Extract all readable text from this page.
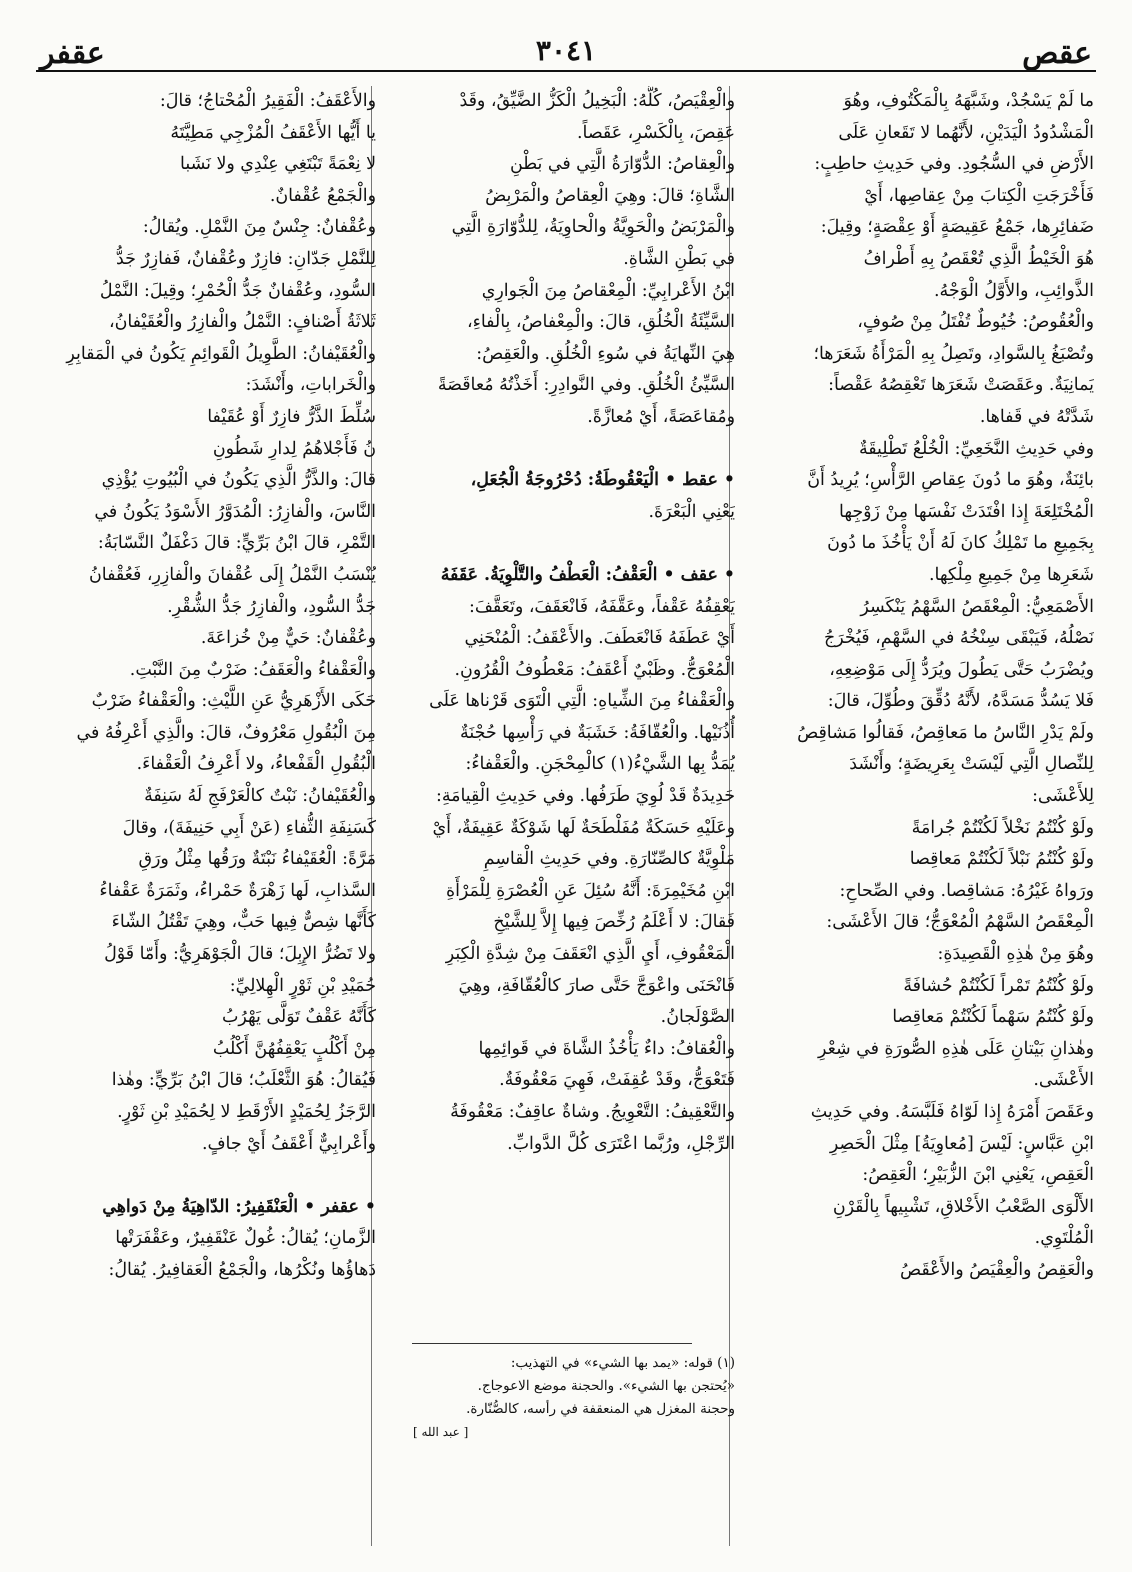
عقص
٣٠٤١
عقفر

ما لَمْ يَسْجُدْ، وشَبَّهَهُ بِالْمَكْتُوفِ، وهُوَ

الْمَشْدُودُ الْيَدَيْنِ، لأَنَّهُما لا تَقَعانِ عَلَى

الأَرْضِ في السُّجُودِ. وفي حَدِيثِ حاطِبٍ:

فَأَخْرَجَتِ الْكِتابَ مِنْ عِقاصِها، أَيْ

ضَفائِرِها، جَمْعُ عَقِيصَةٍ أَوْ عِقْصَةٍ؛ وقِيلَ:

هُوَ الْخَيْطُ الَّذِي تُعْقَصُ بِهِ أَطْرافُ

الذَّوائِبِ، والأَوَّلُ الْوَجْهُ.

والْعُقُوصُ: خُيُوطٌ تُفْتَلُ مِنْ صُوفٍ،

وتُصْبَغُ بِالسَّوادِ، وتَصِلُ بِهِ الْمَرْأَةُ شَعَرَها؛

يَمانِيَةٌ. وعَقَصَتْ شَعَرَها تَعْقِصُهُ عَقْصاً:

شَدَّتْهُ في قَفاها.

وفي حَدِيثِ النَّخَعِيِّ: الْخُلْعُ تَطْلِيقَةٌ

بائِنَةٌ، وهُوَ ما دُونَ عِقاصِ الرَّأْسِ؛ يُرِيدُ أَنَّ

الْمُخْتَلِعَةَ إِذا افْتَدَتْ نَفْسَها مِنْ زَوْجِها

بِجَمِيعِ ما تَمْلِكُ كانَ لَهُ أَنْ يَأْخُذَ ما دُونَ

شَعَرِها مِنْ جَمِيعِ مِلْكِها.

الأَصْمَعِيُّ: الْمِعْقَصُ السَّهْمُ يَنْكَسِرُ

نَصْلُهُ، فَيَبْقَى سِنْخُهُ في السَّهْمِ، فَيُخْرَجُ

ويُضْرَبُ حَتَّى يَطُولَ ويُرَدُّ إِلَى مَوْضِعِهِ،

فَلا يَسُدُّ مَسَدَّهُ، لأَنَّهُ دُقِّقَ وطُوِّلَ، قالَ:

ولَمْ يَدْرِ النَّاسُ ما مَعاقِصُ، فَقالُوا مَشاقِصُ

لِلنِّصالِ الَّتِي لَيْسَتْ بِعَرِيضَةٍ؛ وأَنْشَدَ

لِلأَعْشَى:

ولَوْ كُنْتُمُ نَخْلاً لَكُنْتُمْ جُرامَةً

ولَوْ كُنْتُمُ نَبْلاً لَكُنْتُمْ مَعاقِصا

ورَواهُ غَيْرُهُ: مَشاقِصا. وفي الصِّحاحِ:

الْمِعْقَصُ السَّهْمُ الْمُعْوَجُّ؛ قالَ الأَعْشَى:

وهُوَ مِنْ هٰذِهِ الْقَصِيدَةِ:

ولَوْ كُنْتُمُ تَمْراً لَكُنْتُمْ حُشافَةً

ولَوْ كُنْتُمُ سَهْماً لَكُنْتُمْ مَعاقِصا

وهٰذانِ بَيْتانِ عَلَى هٰذِهِ الصُّورَةِ في شِعْرِ

الأَعْشَى.

وعَقَصَ أَمْرَهُ إِذا لَوّاهُ فَلَبَّسَهُ. وفي حَدِيثِ

ابْنِ عَبَّاسٍ: لَيْسَ [مُعاوِيَةُ] مِثْلَ الْحَصِرِ

الْعَقِصِ، يَعْنِي ابْنَ الزُّبَيْرِ؛ الْعَقِصُ:

الأَلْوَى الصَّعْبُ الأَخْلاقِ، تَشْبِيهاً بِالْقَرْنِ

الْمُلْتَوِي.

والْعَقِصُ والْعِقْيَصُ والأَعْقَصُ

والْعِقْيَصُ، كُلُّهُ: الْبَخِيلُ الْكَزُّ الضَّيِّقُ، وقَدْ

عَقِصَ، بِالْكَسْرِ، عَقَصاً.

والْعِقاصُ: الدُّوّارَةُ الَّتِي في بَطْنِ

الشَّاةِ؛ قالَ: وهِيَ الْعِقاصُ والْمَرْبِضُ

والْمَرْبَضُ والْحَوِيَّةُ والْحاوِيَةُ، لِلدُّوّارَةِ الَّتِي

في بَطْنِ الشَّاةِ.

ابْنُ الأَعْرابِيِّ: الْمِعْقاصُ مِنَ الْجَوارِي

السَّيِّئَةُ الْخُلُقِ، قالَ: والْمِعْفاصُ، بِالْفاءِ،

هِيَ النِّهايَةُ في سُوءِ الْخُلُقِ. والْعَقِصُ:

السَّيِّئُ الْخُلُقِ. وفي النَّوادِرِ: أَخَذْتُهُ مُعاقَصَةً

ومُقاعَصَةً، أَيْ مُعازَّةً.

• عقط • الْيَعْقُوطَةُ: دُحْرُوجَةُ الْجُعَلِ،

يَعْنِي الْبَعْرَةَ.

• عقف • الْعَقْفُ: الْعَطْفُ والتَّلْوِيَةُ. عَقَفَهُ

يَعْقِفُهُ عَقْفاً، وعَقَّفَهُ، فَانْعَقَفَ، وتَعَقَّفَ:

أَيْ عَطَفَهُ فَانْعَطَفَ. والأَعْقَفُ: الْمُنْحَنِي

الْمُعْوَجُّ. وظَبْيٌ أَعْقَفُ: مَعْطُوفُ الْقُرُونِ.

والْعَقْفاءُ مِنَ الشِّياهِ: الَّتِي الْتَوَى قَرْناها عَلَى

أُذُنَيْها. والْعُقّافَةُ: خَشَبَةٌ في رَأْسِها حُجْنَةٌ

يُمَدُّ بِها الشَّيْءُ(١) كالْمِحْجَنِ. والْعَقْفاءُ:

حَدِيدَةٌ قَدْ لُوِيَ طَرَفُها. وفي حَدِيثِ الْقِيامَةِ:

وعَلَيْهِ حَسَكَةٌ مُفَلْطَحَةٌ لَها شَوْكَةٌ عَقِيفَةٌ، أَيْ

مَلْوِيَّةٌ كالصِّنّارَةِ. وفي حَدِيثِ الْقاسِمِ

ابْنِ مُخَيْمِرَةَ: أَنَّهُ سُئِلَ عَنِ الْعُصْرَةِ لِلْمَرْأَةِ

فَقالَ: لا أَعْلَمُ رُخِّصَ فِيها إِلاَّ لِلشَّيْخِ

الْمَعْقُوفِ، أَيِ الَّذِي انْعَقَفَ مِنْ شِدَّةِ الْكِبَرِ

فَانْحَنَى واعْوَجَّ حَتَّى صارَ كالْعُقّافَةِ، وهِيَ

الصَّوْلَجانُ.

والْعُقافُ: داءٌ يَأْخُذُ الشَّاةَ في قَوائِمِها

فَتَعْوَجُّ، وقَدْ عُقِفَتْ، فَهِيَ مَعْقُوفَةٌ.

والتَّعْقِيفُ: التَّعْوِيجُ. وشاةٌ عاقِفٌ: مَعْقُوفَةُ

الرِّجْلِ، ورُبَّما اعْتَرَى كُلَّ الدَّوابِّ.

والأَعْقَفُ: الْفَقِيرُ الْمُحْتاجُ؛ قالَ:

يا أَيُّها الأَعْقَفُ الْمُزْجِي مَطِيَّتَهُ

لا نِعْمَةً تَبْتَغِي عِنْدِي ولا نَشَبا

والْجَمْعُ عُقْفانٌ.

وعُقْفانٌ: جِنْسٌ مِنَ النَّمْلِ. ويُقالُ:

لِلنَّمْلِ جَدّانِ: فازِرٌ وعُقْفانٌ، فَفازِرٌ جَدُّ

السُّودِ، وعُقْفانٌ جَدُّ الْحُمْرِ؛ وقِيلَ: النَّمْلُ

ثَلاثَةُ أَصْنافٍ: النَّمْلُ والْفازِرُ والْعُقَيْفانُ،

والْعُقَيْفانُ: الطَّوِيلُ الْقَوائِمِ يَكُونُ في الْمَقابِرِ

والْخَراباتِ، وأَنْشَدَ:

سُلِّطَ الذَّرُّ فازِرٌ أَوْ عُقَيْفا

نُ فَأَجْلاهُمُ لِدارِ شَطُونِ

قالَ: والذَّرُّ الَّذِي يَكُونُ في الْبُيُوتِ يُؤْذِي

النَّاسَ، والْفازِرُ: الْمُدَوَّرُ الأَسْوَدُ يَكُونُ في

التَّمْرِ، قالَ ابْنُ بَرِّيٍّ: قالَ دَغْفَلٌ النَّسّابَةُ:

يُنْسَبُ النَّمْلُ إِلَى عُقْفانَ والْفازِرِ، فَعُقْفانُ

جَدُّ السُّودِ، والْفازِرُ جَدُّ الشُّقْرِ.

وعُقْفانٌ: حَيٌّ مِنْ خُزاعَةَ.

والْعَقْفاءُ والْعَقَفُ: ضَرْبٌ مِنَ النَّبْتِ.

حَكَى الأَزْهَرِيُّ عَنِ اللَّيْثِ: والْعَقْفاءُ ضَرْبٌ

مِنَ الْبُقُولِ مَعْرُوفٌ، قالَ: والَّذِي أَعْرِفُهُ في

الْبُقُولِ الْقَفْعاءُ، ولا أَعْرِفُ الْعَقْفاءَ.

والْعُقَيْفانُ: نَبْتٌ كالْعَرْفَجِ لَهُ سَنِفَةٌ

كَسَنِفَةِ الثُّفاءِ (عَنْ أَبِي حَنِيفَةَ)، وقالَ

مَرَّةً: الْعُقَيْفاءُ نَبْتَةٌ ورَقُها مِثْلُ ورَقِ

السَّذابِ، لَها زَهْرَةٌ حَمْراءُ، وثَمَرَةٌ عَقْفاءُ

كَأَنَّها شِصٌّ فِيها حَبٌّ، وهِيَ تَقْتُلُ الشّاءَ

ولا تَضُرُّ الإِبِلَ؛ قالَ الْجَوْهَرِيُّ: وأَمّا قَوْلُ

حُمَيْدِ بْنِ ثَوْرٍ الْهِلالِيِّ:

كَأَنَّهُ عَقْفٌ تَوَلَّى يَهْرُبُ

مِنْ أَكْلُبٍ يَعْقِفُهُنَّ أَكْلُبُ

فَيُقالُ: هُوَ الثَّعْلَبُ؛ قالَ ابْنُ بَرِّيٍّ: وهٰذا

الرَّجَزُ لِحُمَيْدٍ الأَرْقَطِ لا لِحُمَيْدِ بْنِ ثَوْرٍ.

وأَعْرابِيٌّ أَعْقَفُ أَيْ جافٍ.

• عقفر • الْعَنْقَفِيرُ: الدّاهِيَةُ مِنْ دَواهِي

الزَّمانِ؛ يُقالُ: غُولٌ عَنْقَفِيرٌ، وعَقْفَرَتْها

دَهاؤُها ونُكْرُها، والْجَمْعُ الْعَقافِيرُ. يُقالُ:

(١) قوله: «يمد بها الشيء» في التهذيب:

«يُحتجن بها الشيء». والحجنة موضع الاعوجاج.

وحجنة المغزل هي المنعقفة في رأسه، كالصُّنّارة.

[ عبد الله ]
